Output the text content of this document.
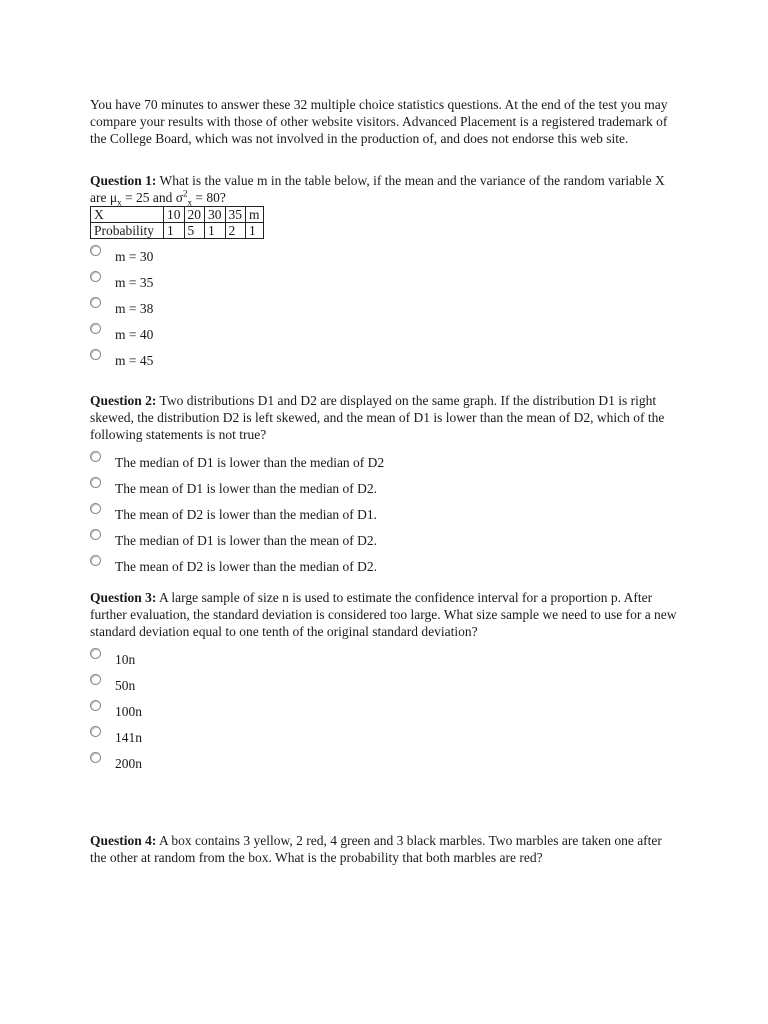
You have 70 minutes to answer these 32 multiple choice statistics questions. At the end of the test you may compare your results with those of other website visitors. Advanced Placement is a registered trademark of the College Board, which was not involved in the production of, and does not endorse this web site.

Question 1: What is the value m in the table below, if the mean and the variance of the random variable X are $\mu_x = 25$ and $\sigma^2_x = 80$?

X	10	20	30	35	m
Probability	1	5	1	2	1
m = 30
m = 35
m = 38
m = 40
m = 45

Question 2: Two distributions D1 and D2 are displayed on the same graph. If the distribution D1 is right skewed, the distribution D2 is left skewed, and the mean of D1 is lower than the mean of D2, which of the following statements is not true?

The median of D1 is lower than the median of D2
The mean of D1 is lower than the median of D2.
The mean of D2 is lower than the median of D1.
The median of D1 is lower than the mean of D2.
The mean of D2 is lower than the median of D2.

Question 3: A large sample of size n is used to estimate the confidence interval for a proportion p. After further evaluation, the standard deviation is considered too large. What size sample we need to use for a new standard deviation equal to one tenth of the original standard deviation?

10n
50n
100n
141n
200n

Question 4: A box contains 3 yellow, 2 red, 4 green and 3 black marbles. Two marbles are taken one after the other at random from the box. What is the probability that both marbles are red?
